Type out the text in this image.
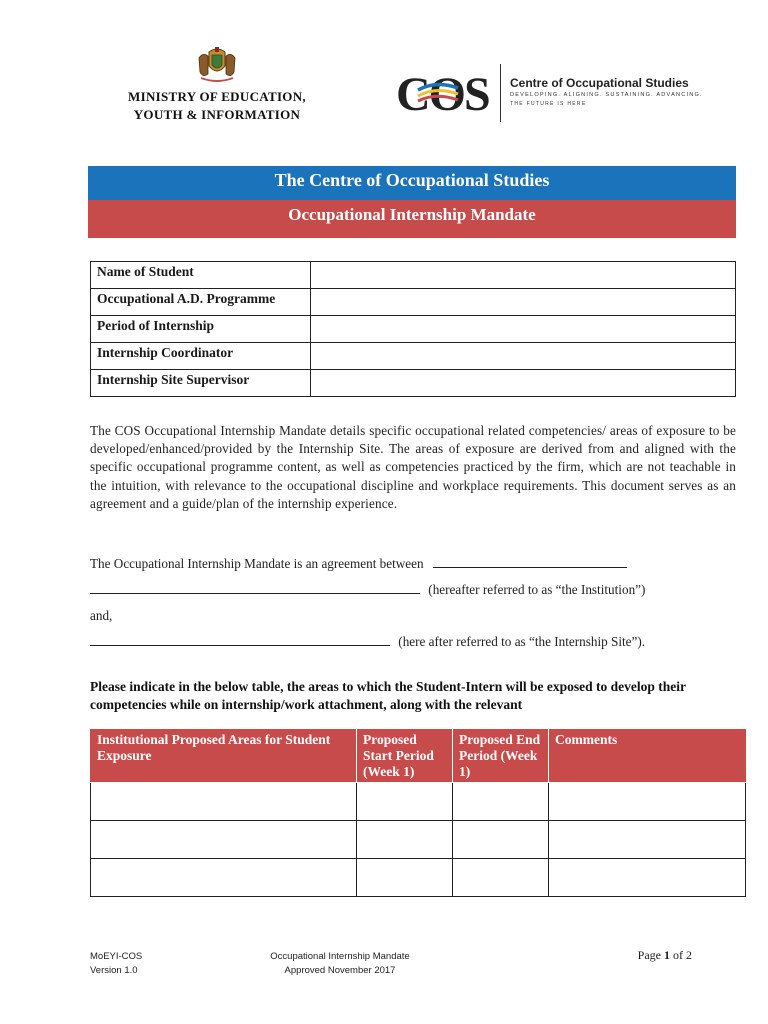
MINISTRY OF EDUCATION,
YOUTH & INFORMATION	COS Centre of Occupational Studies
DEVELOPING. ALIGNING. SUSTAINING. ADVANCING.
THE FUTURE IS HERE
The Centre of Occupational Studies
Occupational Internship Mandate
Name of Student	
Occupational A.D. Programme	
Period of Internship	
Internship Coordinator	
Internship Site Supervisor	

The COS Occupational Internship Mandate details specific occupational related competencies/ areas of exposure to be developed/enhanced/provided by the Internship Site. The areas of exposure are derived from and aligned with the specific occupational programme content, as well as competencies practiced by the firm, which are not teachable in the intuition, with relevance to the occupational discipline and workplace requirements. This document serves as an agreement and a guide/plan of the internship experience.

The Occupational Internship Mandate is an agreement between
(hereafter referred to as “the Institution”)
and,
(here after referred to as “the Internship Site”).

Please indicate in the below table, the areas to which the Student-Intern will be exposed to develop their competencies while on internship/work attachment, along with the relevant

Institutional Proposed Areas for Student Exposure	Proposed Start Period (Week 1)	Proposed End Period (Week 1)	Comments

MoEYI-COS
Version 1.0
Occupational Internship Mandate
Approved November 2017
Page 1 of 2
